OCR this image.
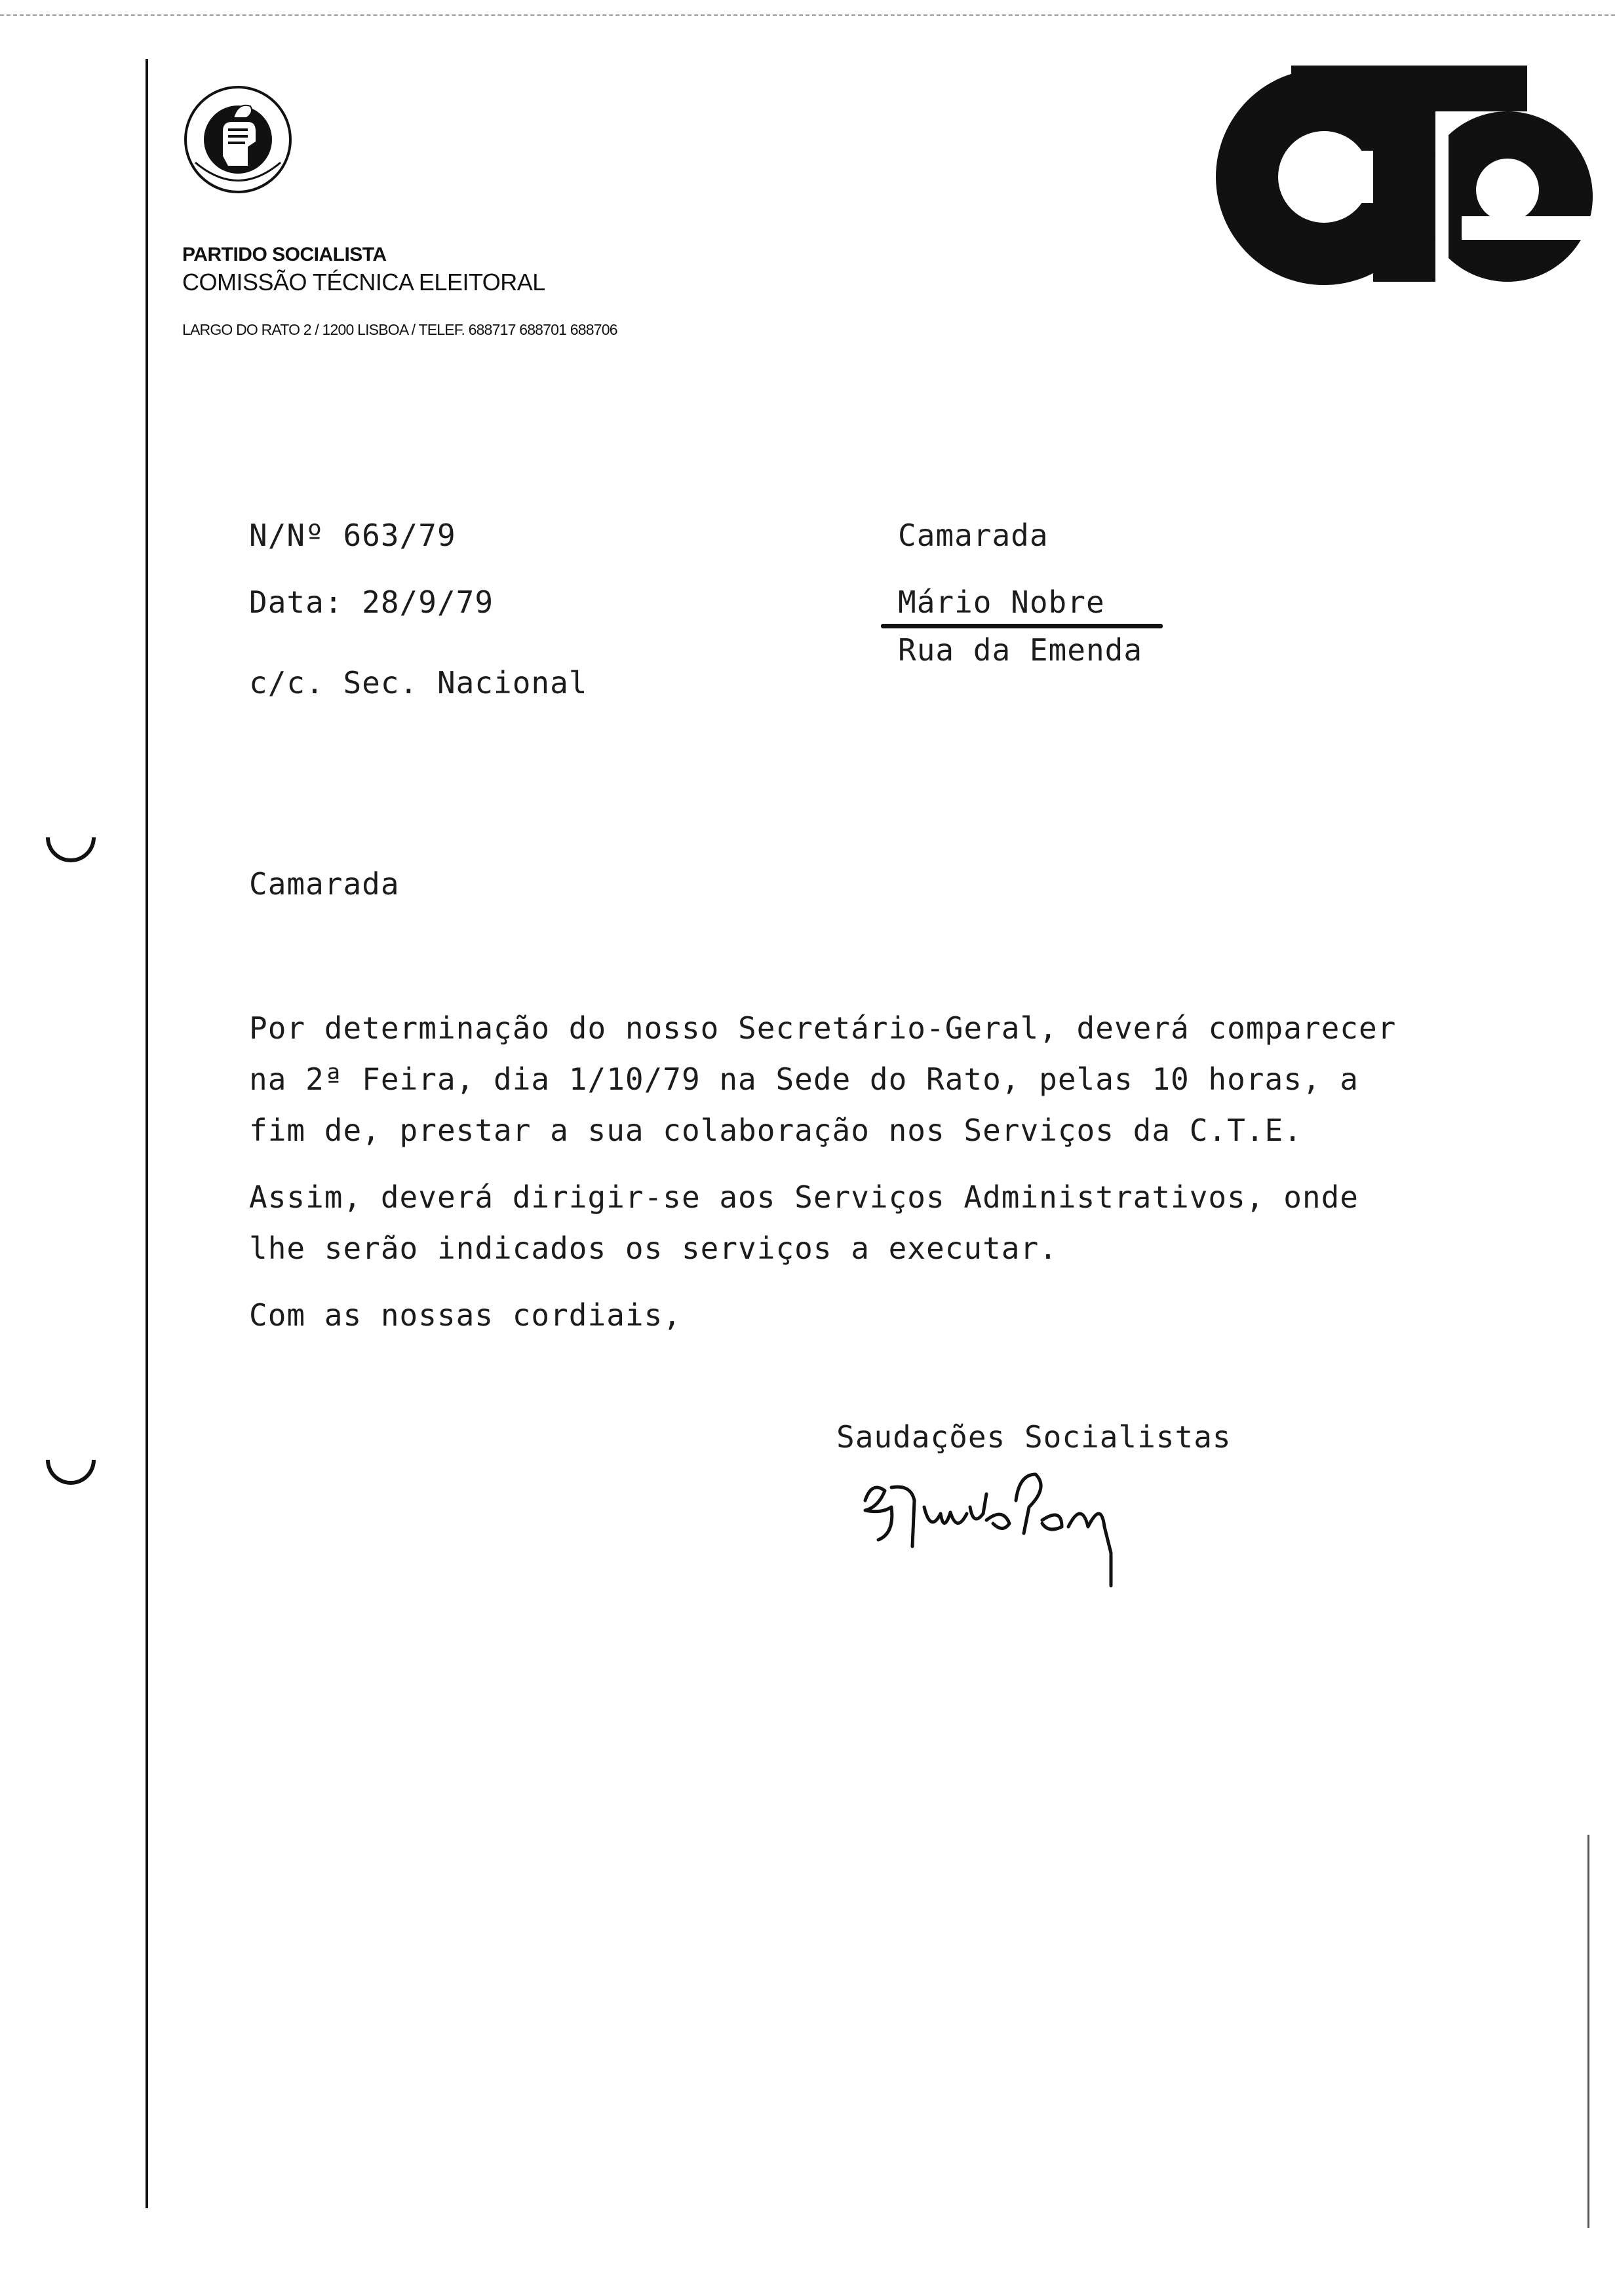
PARTIDO SOCIALISTA
COMISSÃO TÉCNICA ELEITORAL
LARGO DO RATO 2 / 1200 LISBOA / TELEF. 688717 688701 688706
N/Nº 663/79
Data: 28/9/79
c/c. Sec. Nacional
Camarada
Mário Nobre
Rua da Emenda
Camarada

Por determinação do nosso Secretário-Geral, deverá comparecer
na 2ª Feira, dia 1/10/79 na Sede do Rato, pelas 10 horas, a
fim de, prestar a sua colaboração nos Serviços da C.T.E.

Assim, deverá dirigir-se aos Serviços Administrativos, onde
lhe serão indicados os serviços a executar.

Com as nossas cordiais,

Saudações Socialistas
